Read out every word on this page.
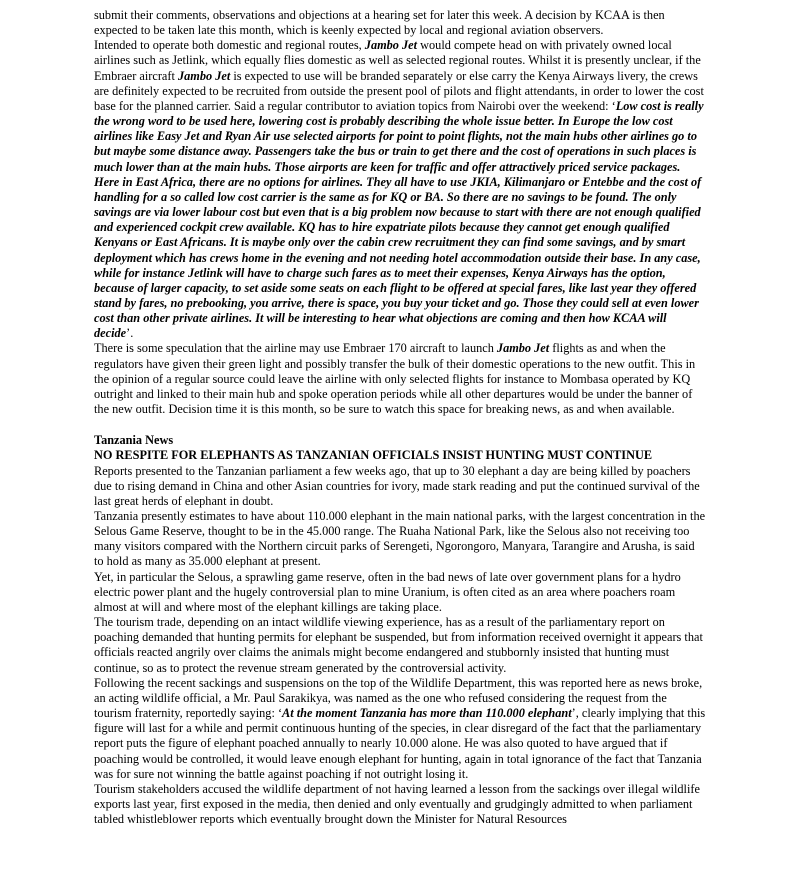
submit their comments, observations and objections at a hearing set for later this week. A decision by KCAA is then expected to be taken late this month, which is keenly expected by local and regional aviation observers.

Intended to operate both domestic and regional routes, Jambo Jet would compete head on with privately owned local airlines such as Jetlink, which equally flies domestic as well as selected regional routes. Whilst it is presently unclear, if the Embraer aircraft Jambo Jet is expected to use will be branded separately or else carry the Kenya Airways livery, the crews are definitely expected to be recruited from outside the present pool of pilots and flight attendants, in order to lower the cost base for the planned carrier. Said a regular contributor to aviation topics from Nairobi over the weekend: ‘Low cost is really the wrong word to be used here, lowering cost is probably describing the whole issue better. In Europe the low cost airlines like Easy Jet and Ryan Air use selected airports for point to point flights, not the main hubs other airlines go to but maybe some distance away. Passengers take the bus or train to get there and the cost of operations in such places is much lower than at the main hubs. Those airports are keen for traffic and offer attractively priced service packages. Here in East Africa, there are no options for airlines. They all have to use JKIA, Kilimanjaro or Entebbe and the cost of handling for a so called low cost carrier is the same as for KQ or BA. So there are no savings to be found. The only savings are via lower labour cost but even that is a big problem now because to start with there are not enough qualified and experienced cockpit crew available. KQ has to hire expatriate pilots because they cannot get enough qualified Kenyans or East Africans. It is maybe only over the cabin crew recruitment they can find some savings, and by smart deployment which has crews home in the evening and not needing hotel accommodation outside their base. In any case, while for instance Jetlink will have to charge such fares as to meet their expenses, Kenya Airways has the option, because of larger capacity, to set aside some seats on each flight to be offered at special fares, like last year they offered stand by fares, no prebooking, you arrive, there is space, you buy your ticket and go. Those they could sell at even lower cost than other private airlines. It will be interesting to hear what objections are coming and then how KCAA will decide’.

There is some speculation that the airline may use Embraer 170 aircraft to launch Jambo Jet flights as and when the regulators have given their green light and possibly transfer the bulk of their domestic operations to the new outfit. This in the opinion of a regular source could leave the airline with only selected flights for instance to Mombasa operated by KQ outright and linked to their main hub and spoke operation periods while all other departures would be under the banner of the new outfit. Decision time it is this month, so be sure to watch this space for breaking news, as and when available.

Tanzania News

NO RESPITE FOR ELEPHANTS AS TANZANIAN OFFICIALS INSIST HUNTING MUST CONTINUE

Reports presented to the Tanzanian parliament a few weeks ago, that up to 30 elephant a day are being killed by poachers due to rising demand in China and other Asian countries for ivory, made stark reading and put the continued survival of the last great herds of elephant in doubt.

Tanzania presently estimates to have about 110.000 elephant in the main national parks, with the largest concentration in the Selous Game Reserve, thought to be in the 45.000 range. The Ruaha National Park, like the Selous also not receiving too many visitors compared with the Northern circuit parks of Serengeti, Ngorongoro, Manyara, Tarangire and Arusha, is said to hold as many as 35.000 elephant at present.

Yet, in particular the Selous, a sprawling game reserve, often in the bad news of late over government plans for a hydro electric power plant and the hugely controversial plan to mine Uranium, is often cited as an area where poachers roam almost at will and where most of the elephant killings are taking place.

The tourism trade, depending on an intact wildlife viewing experience, has as a result of the parliamentary report on poaching demanded that hunting permits for elephant be suspended, but from information received overnight it appears that officials reacted angrily over claims the animals might become endangered and stubbornly insisted that hunting must continue, so as to protect the revenue stream generated by the controversial activity.

Following the recent sackings and suspensions on the top of the Wildlife Department, this was reported here as news broke, an acting wildlife official, a Mr. Paul Sarakikya, was named as the one who refused considering the request from the tourism fraternity, reportedly saying: ‘At the moment Tanzania has more than 110.000 elephant’, clearly implying that this figure will last for a while and permit continuous hunting of the species, in clear disregard of the fact that the parliamentary report puts the figure of elephant poached annually to nearly 10.000 alone. He was also quoted to have argued that if poaching would be controlled, it would leave enough elephant for hunting, again in total ignorance of the fact that Tanzania was for sure not winning the battle against poaching if not outright losing it.

Tourism stakeholders accused the wildlife department of not having learned a lesson from the sackings over illegal wildlife exports last year, first exposed in the media, then denied and only eventually and grudgingly admitted to when parliament tabled whistleblower reports which eventually brought down the Minister for Natural Resources
